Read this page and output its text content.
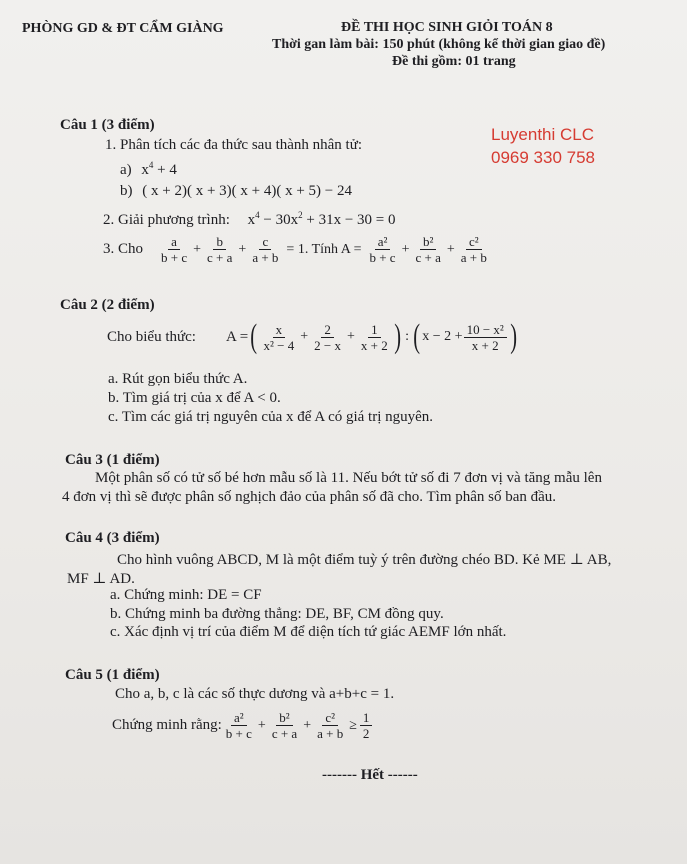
PHÒNG GD & ĐT CẨM GIÀNG	ĐỀ THI HỌC SINH GIỎI TOÁN 8
Thời gan làm bài: 150 phút (không kể thời gian giao đề)
Đề thi gồm: 01 trang
Luyenthi CLC
0969 330 758
Câu 1 (3 điểm)
1. Phân tích các đa thức sau thành nhân tử:
a) $x^4 + 4$
b) ( x + 2)( x + 3)( x + 4)( x + 5) − 24
2. Giải phương trình: $x^4 - 30x^2 + 31x - 30 = 0$
3. Cho $\frac{a}{b + c} + \frac{b}{c + a} + \frac{c}{a + b} = 1$. Tính $A = \frac{\text{a²}}{b + c} + \frac{\text{b²}}{c + a} + \frac{\text{c²}}{a + b}$
Câu 2 (2 điểm)
Cho biểu thức: A = ( $\frac{x}{\text{x² − 4}} + \frac{2}{2 - x} + \frac{1}{x + 2}$ ) : ( $x - 2 + \frac{\text{10 − x²}}{x + 2}$ )
a. Rút gọn biểu thức A.
b. Tìm giá trị của x để A < 0.
c. Tìm các giá trị nguyên của x để A có giá trị nguyên.
Câu 3 (1 điểm)
Một phân số có tử số bé hơn mẫu số là 11. Nếu bớt tử số đi 7 đơn vị và tăng mẫu lên
4 đơn vị thì sẽ được phân số nghịch đảo của phân số đã cho. Tìm phân số ban đầu.
Câu 4 (3 điểm)
Cho hình vuông ABCD, M là một điểm tuỳ ý trên đường chéo BD. Kẻ ME ⊥ AB,
MF ⊥ AD.
a. Chứng minh: DE = CF
b. Chứng minh ba đường thẳng: DE, BF, CM đồng quy.
c. Xác định vị trí của điểm M để diện tích tứ giác AEMF lớn nhất.
Câu 5 (1 điểm)
Cho a, b, c là các số thực dương và a+b+c = 1.
Chứng minh rằng: $\frac{\text{a²}}{b + c} + \frac{\text{b²}}{c + a} + \frac{\text{c²}}{a + b} \ge \frac{1}{2}$
------- Hết ------
